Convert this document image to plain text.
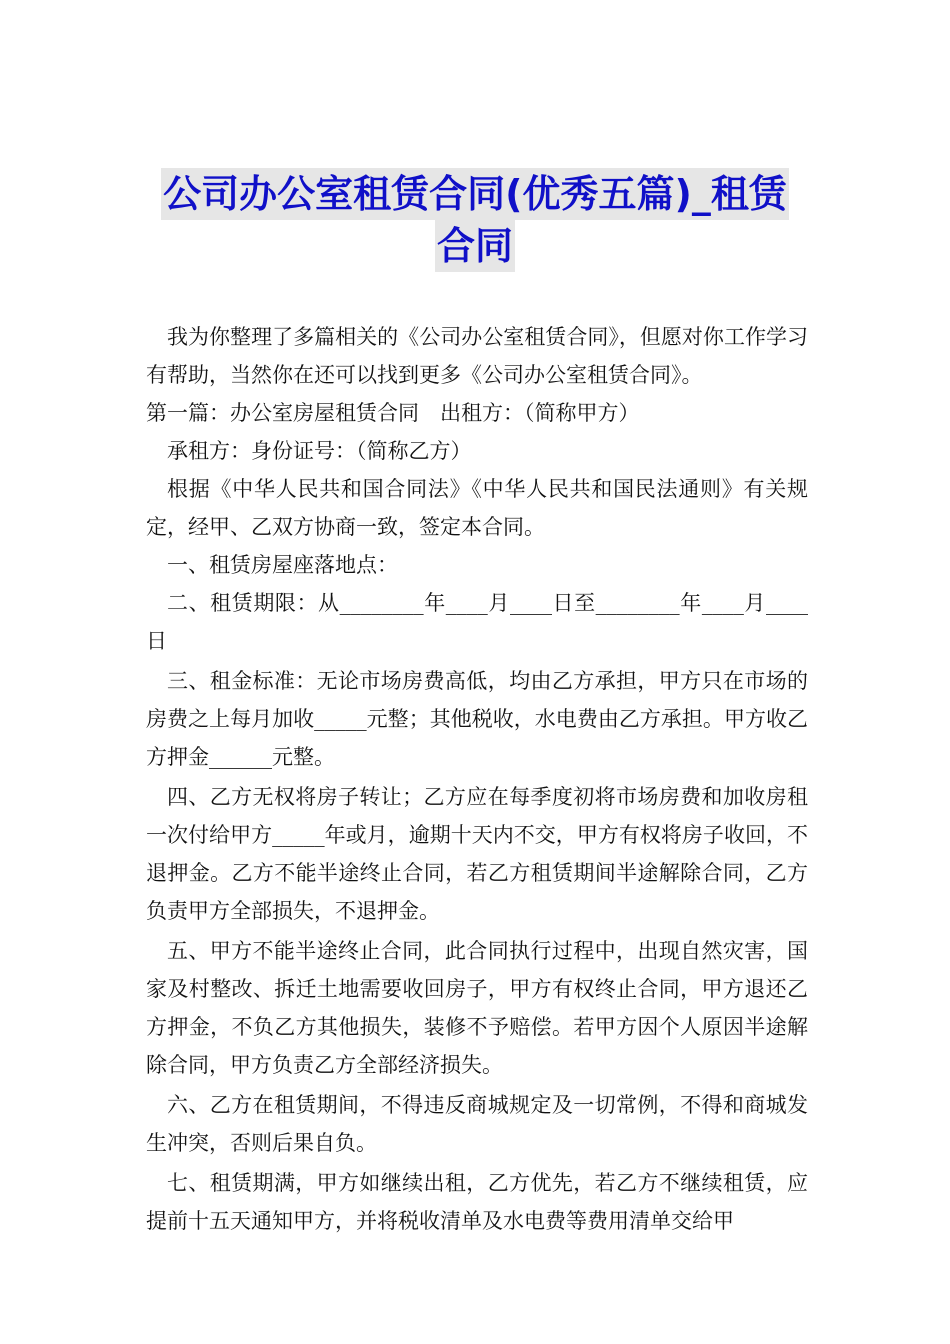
公司办公室租赁合同(优秀五篇)_租赁
合同

我为你整理了多篇相关的《公司办公室租赁合同》，但愿对你工作学习有帮助，当然你在还可以找到更多《公司办公室租赁合同》。

第一篇：办公室房屋租赁合同　出租方：（简称甲方）

承租方：身份证号：（简称乙方）

根据《中华人民共和国合同法》《中华人民共和国民法通则》有关规定，经甲、乙双方协商一致，签定本合同。

一、租赁房屋座落地点：

二、租赁期限：从________年____月____日至________年____月____日

三、租金标准：无论市场房费高低，均由乙方承担，甲方只在市场的房费之上每月加收_____元整；其他税收，水电费由乙方承担。甲方收乙方押金______元整。

四、乙方无权将房子转让；乙方应在每季度初将市场房费和加收房租一次付给甲方_____年或月，逾期十天内不交，甲方有权将房子收回，不退押金。乙方不能半途终止合同，若乙方租赁期间半途解除合同，乙方负责甲方全部损失，不退押金。

五、甲方不能半途终止合同，此合同执行过程中，出现自然灾害，国家及村整改、拆迁土地需要收回房子，甲方有权终止合同，甲方退还乙方押金，不负乙方其他损失，装修不予赔偿。若甲方因个人原因半途解除合同，甲方负责乙方全部经济损失。

六、乙方在租赁期间，不得违反商城规定及一切常例，不得和商城发生冲突，否则后果自负。

七、租赁期满，甲方如继续出租，乙方优先，若乙方不继续租赁，应提前十五天通知甲方，并将税收清单及水电费等费用清单交给甲
